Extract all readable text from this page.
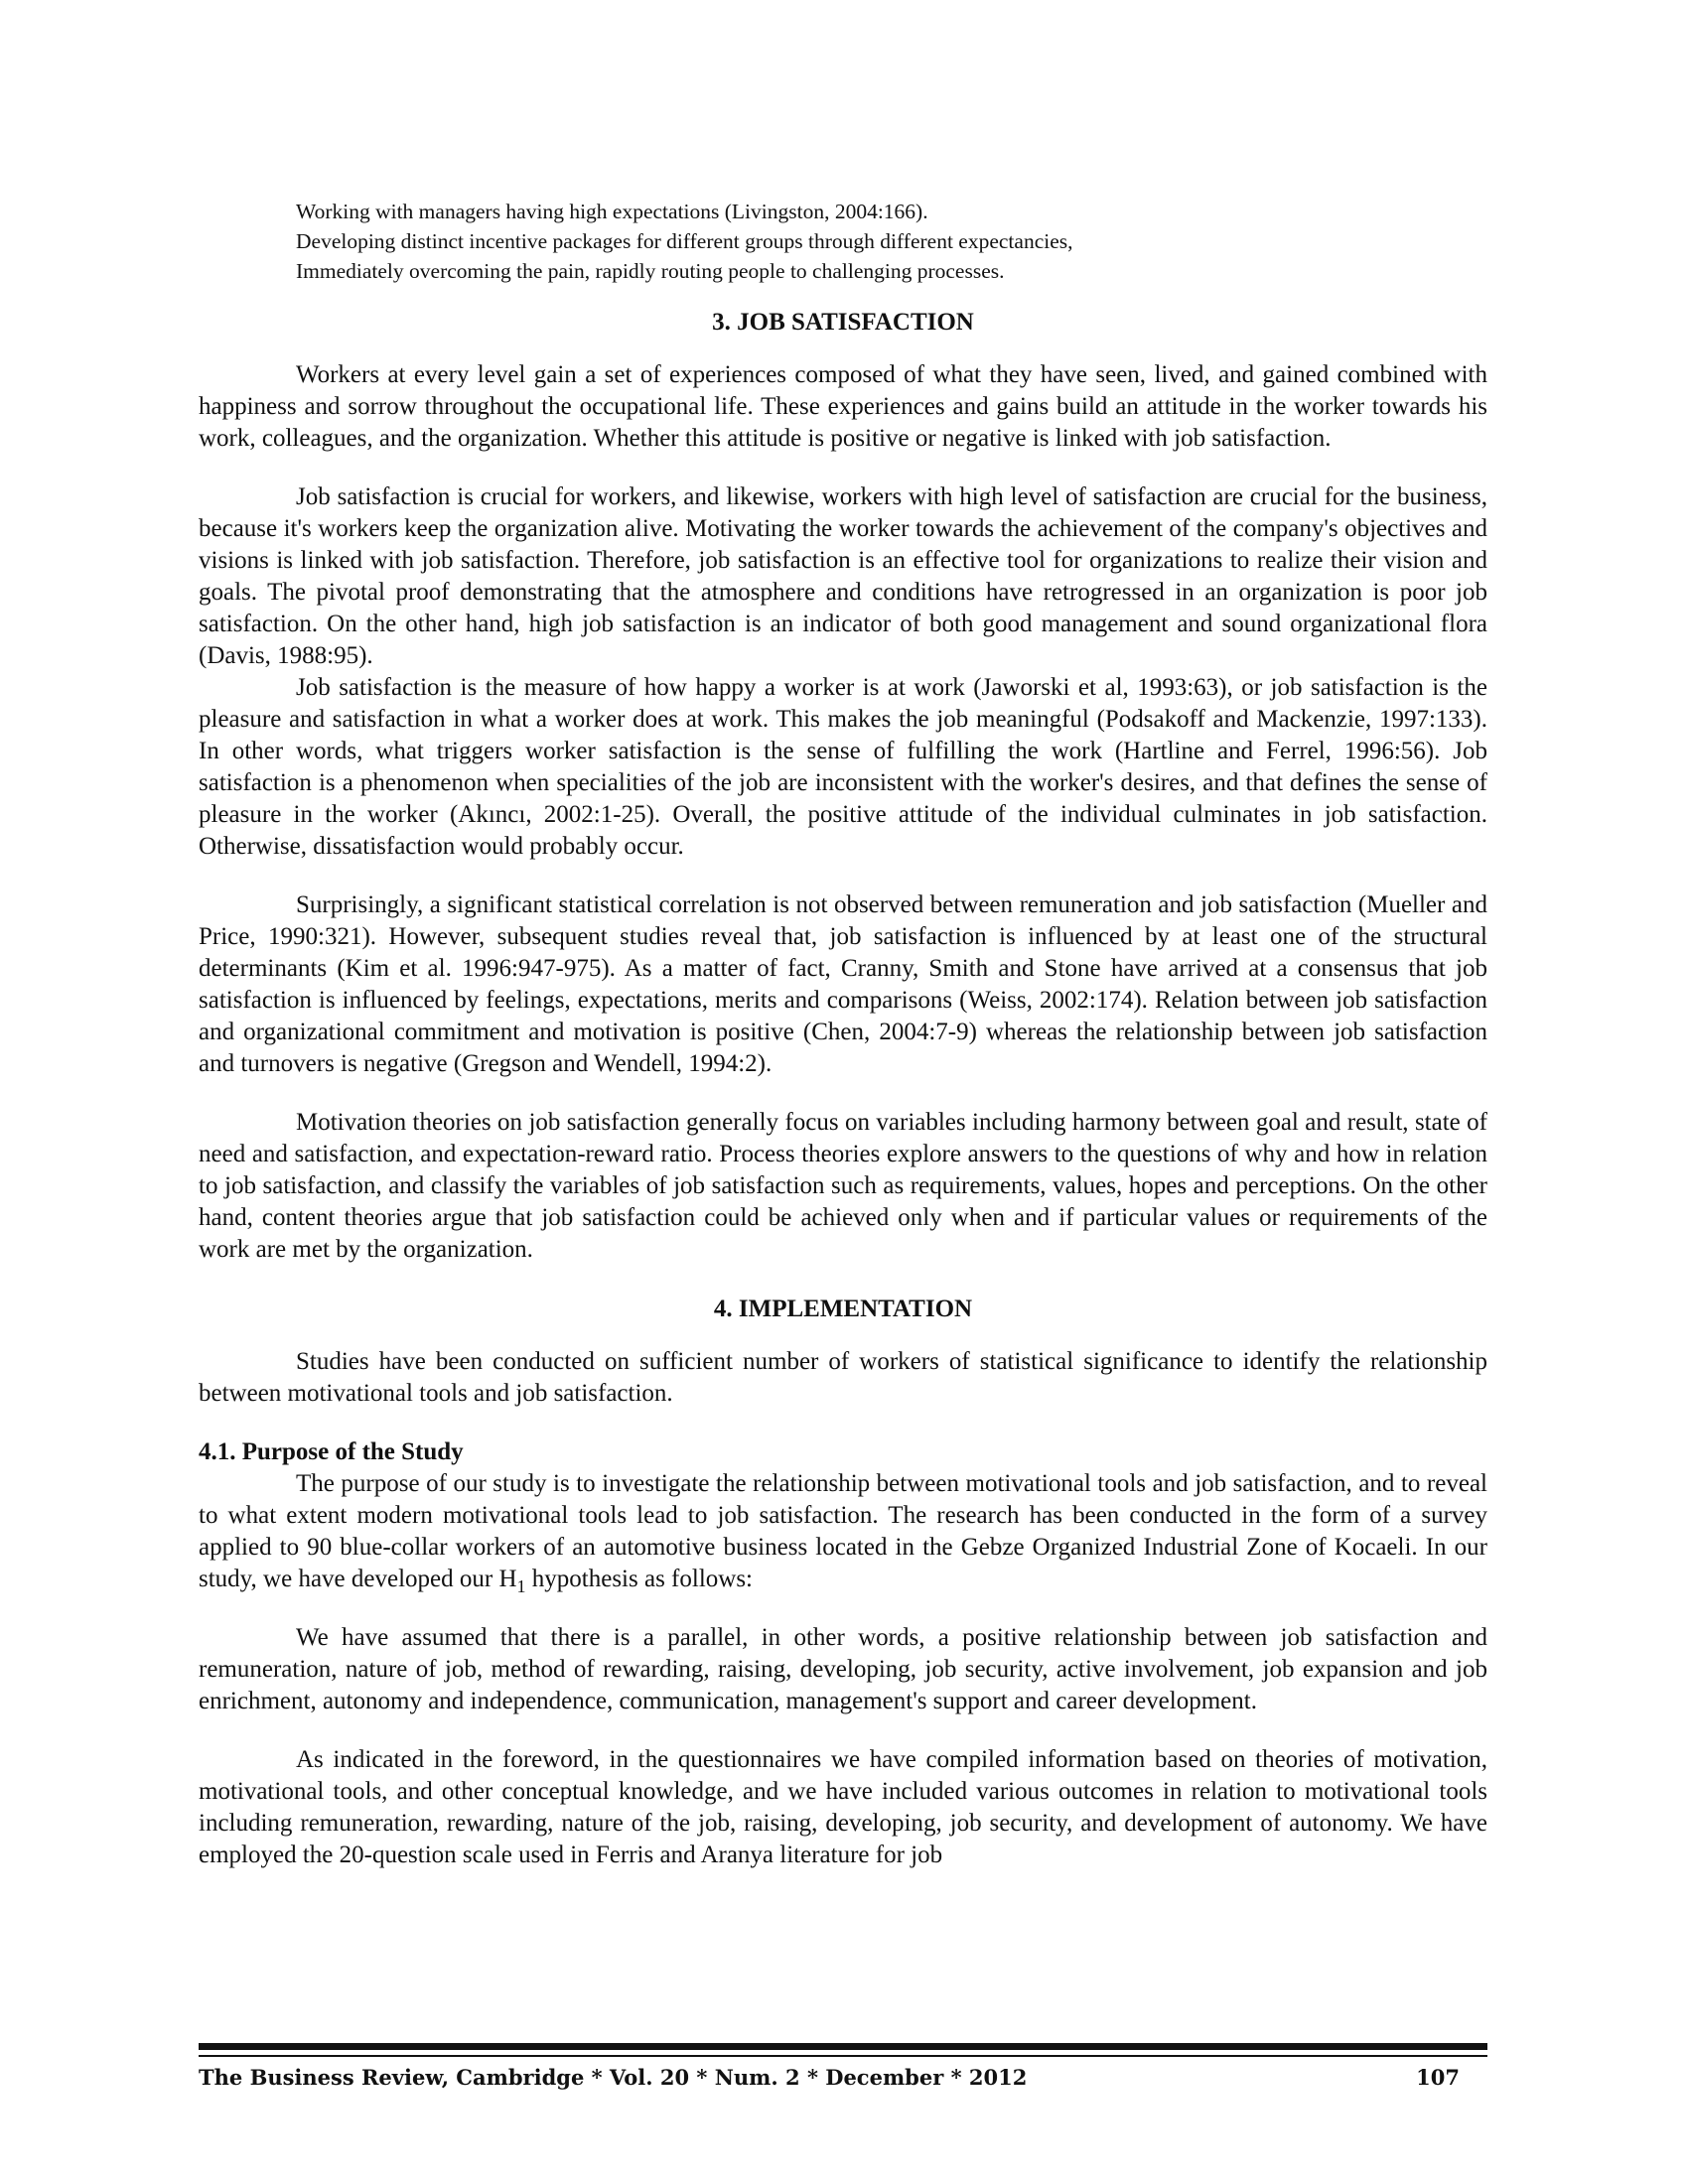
Working with managers having high expectations (Livingston, 2004:166).
Developing distinct incentive packages for different groups through different expectancies,
Immediately overcoming the pain, rapidly routing people to challenging processes.
3. JOB SATISFACTION

Workers at every level gain a set of experiences composed of what they have seen, lived, and gained combined with happiness and sorrow throughout the occupational life. These experiences and gains build an attitude in the worker towards his work, colleagues, and the organization. Whether this attitude is positive or negative is linked with job satisfaction.

Job satisfaction is crucial for workers, and likewise, workers with high level of satisfaction are crucial for the business, because it's workers keep the organization alive. Motivating the worker towards the achievement of the company's objectives and visions is linked with job satisfaction. Therefore, job satisfaction is an effective tool for organizations to realize their vision and goals. The pivotal proof demonstrating that the atmosphere and conditions have retrogressed in an organization is poor job satisfaction. On the other hand, high job satisfaction is an indicator of both good management and sound organizational flora (Davis, 1988:95).

Job satisfaction is the measure of how happy a worker is at work (Jaworski et al, 1993:63), or job satisfaction is the pleasure and satisfaction in what a worker does at work. This makes the job meaningful (Podsakoff and Mackenzie, 1997:133). In other words, what triggers worker satisfaction is the sense of fulfilling the work (Hartline and Ferrel, 1996:56). Job satisfaction is a phenomenon when specialities of the job are inconsistent with the worker's desires, and that defines the sense of pleasure in the worker (Akıncı, 2002:1-25). Overall, the positive attitude of the individual culminates in job satisfaction. Otherwise, dissatisfaction would probably occur.

Surprisingly, a significant statistical correlation is not observed between remuneration and job satisfaction (Mueller and Price, 1990:321). However, subsequent studies reveal that, job satisfaction is influenced by at least one of the structural determinants (Kim et al. 1996:947-975). As a matter of fact, Cranny, Smith and Stone have arrived at a consensus that job satisfaction is influenced by feelings, expectations, merits and comparisons (Weiss, 2002:174). Relation between job satisfaction and organizational commitment and motivation is positive (Chen, 2004:7-9) whereas the relationship between job satisfaction and turnovers is negative (Gregson and Wendell, 1994:2).

Motivation theories on job satisfaction generally focus on variables including harmony between goal and result, state of need and satisfaction, and expectation-reward ratio. Process theories explore answers to the questions of why and how in relation to job satisfaction, and classify the variables of job satisfaction such as requirements, values, hopes and perceptions. On the other hand, content theories argue that job satisfaction could be achieved only when and if particular values or requirements of the work are met by the organization.

4. IMPLEMENTATION

Studies have been conducted on sufficient number of workers of statistical significance to identify the relationship between motivational tools and job satisfaction.

4.1. Purpose of the Study

The purpose of our study is to investigate the relationship between motivational tools and job satisfaction, and to reveal to what extent modern motivational tools lead to job satisfaction. The research has been conducted in the form of a survey applied to 90 blue-collar workers of an automotive business located in the Gebze Organized Industrial Zone of Kocaeli. In our study, we have developed our $H_1$ hypothesis as follows:

We have assumed that there is a parallel, in other words, a positive relationship between job satisfaction and remuneration, nature of job, method of rewarding, raising, developing, job security, active involvement, job expansion and job enrichment, autonomy and independence, communication, management's support and career development.

As indicated in the foreword, in the questionnaires we have compiled information based on theories of motivation, motivational tools, and other conceptual knowledge, and we have included various outcomes in relation to motivational tools including remuneration, rewarding, nature of the job, raising, developing, job security, and development of autonomy. We have employed the 20-question scale used in Ferris and Aranya literature for job

The Business Review, Cambridge * Vol. 20 * Num. 2 * December * 2012	107
